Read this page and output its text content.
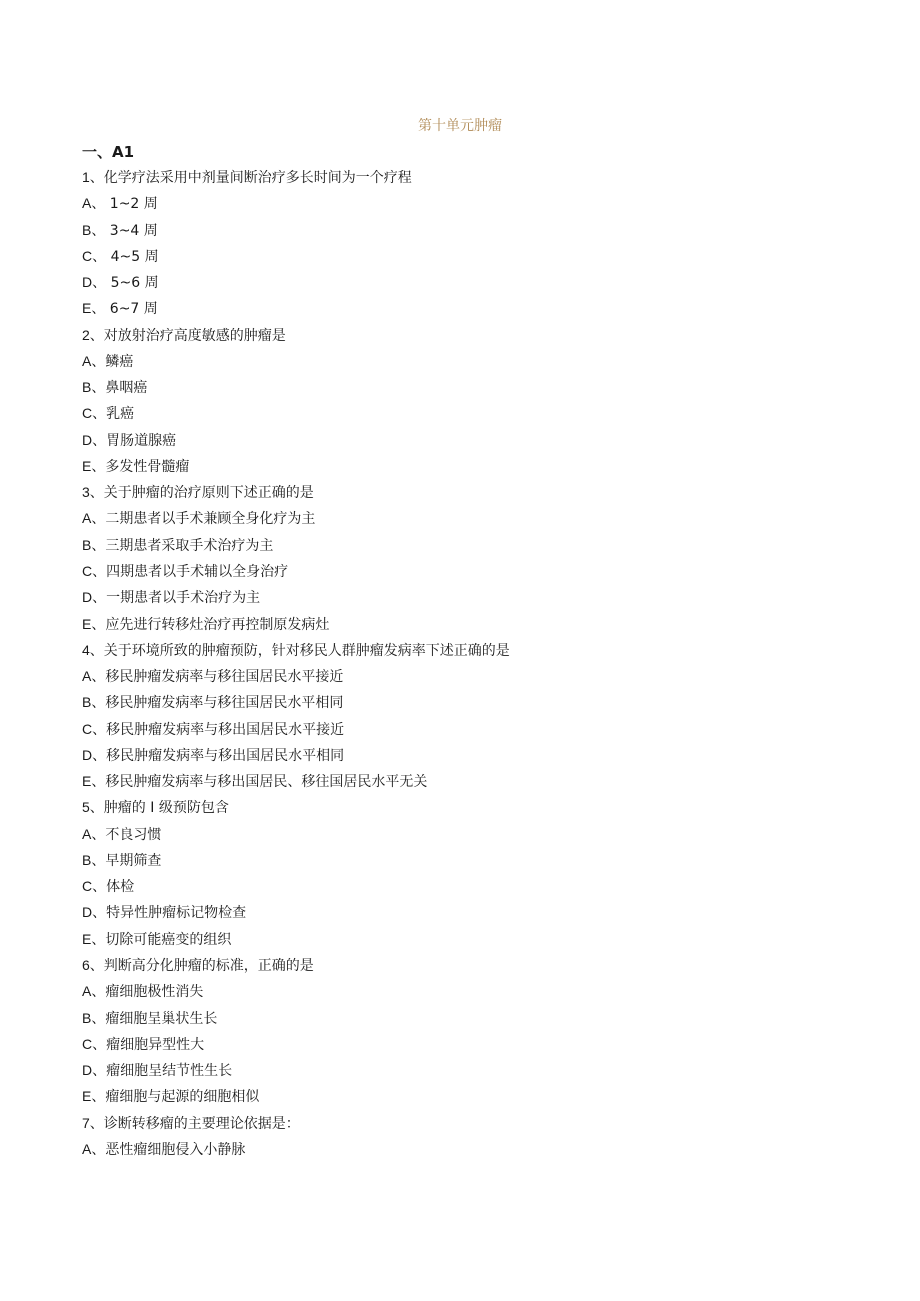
第十单元肿瘤
一、A1
1、化学疗法采用中剂量间断治疗多长时间为一个疗程
A、 1~2 周
B、 3~4 周
C、 4~5 周
D、 5~6 周
E、 6~7 周
2、对放射治疗高度敏感的肿瘤是
A、鳞癌
B、鼻咽癌
C、乳癌
D、胃肠道腺癌
E、多发性骨髓瘤
3、关于肿瘤的治疗原则下述正确的是
A、二期患者以手术兼顾全身化疗为主
B、三期患者采取手术治疗为主
C、四期患者以手术辅以全身治疗
D、一期患者以手术治疗为主
E、应先进行转移灶治疗再控制原发病灶
4、关于环境所致的肿瘤预防，针对移民人群肿瘤发病率下述正确的是
A、移民肿瘤发病率与移往国居民水平接近
B、移民肿瘤发病率与移往国居民水平相同
C、移民肿瘤发病率与移出国居民水平接近
D、移民肿瘤发病率与移出国居民水平相同
E、移民肿瘤发病率与移出国居民、移往国居民水平无关
5、肿瘤的 I 级预防包含
A、不良习惯
B、早期筛查
C、体检
D、特异性肿瘤标记物检查
E、切除可能癌变的组织
6、判断高分化肿瘤的标准，正确的是
A、瘤细胞极性消失
B、瘤细胞呈巢状生长
C、瘤细胞异型性大
D、瘤细胞呈结节性生长
E、瘤细胞与起源的细胞相似
7、诊断转移瘤的主要理论依据是：
A、恶性瘤细胞侵入小静脉
